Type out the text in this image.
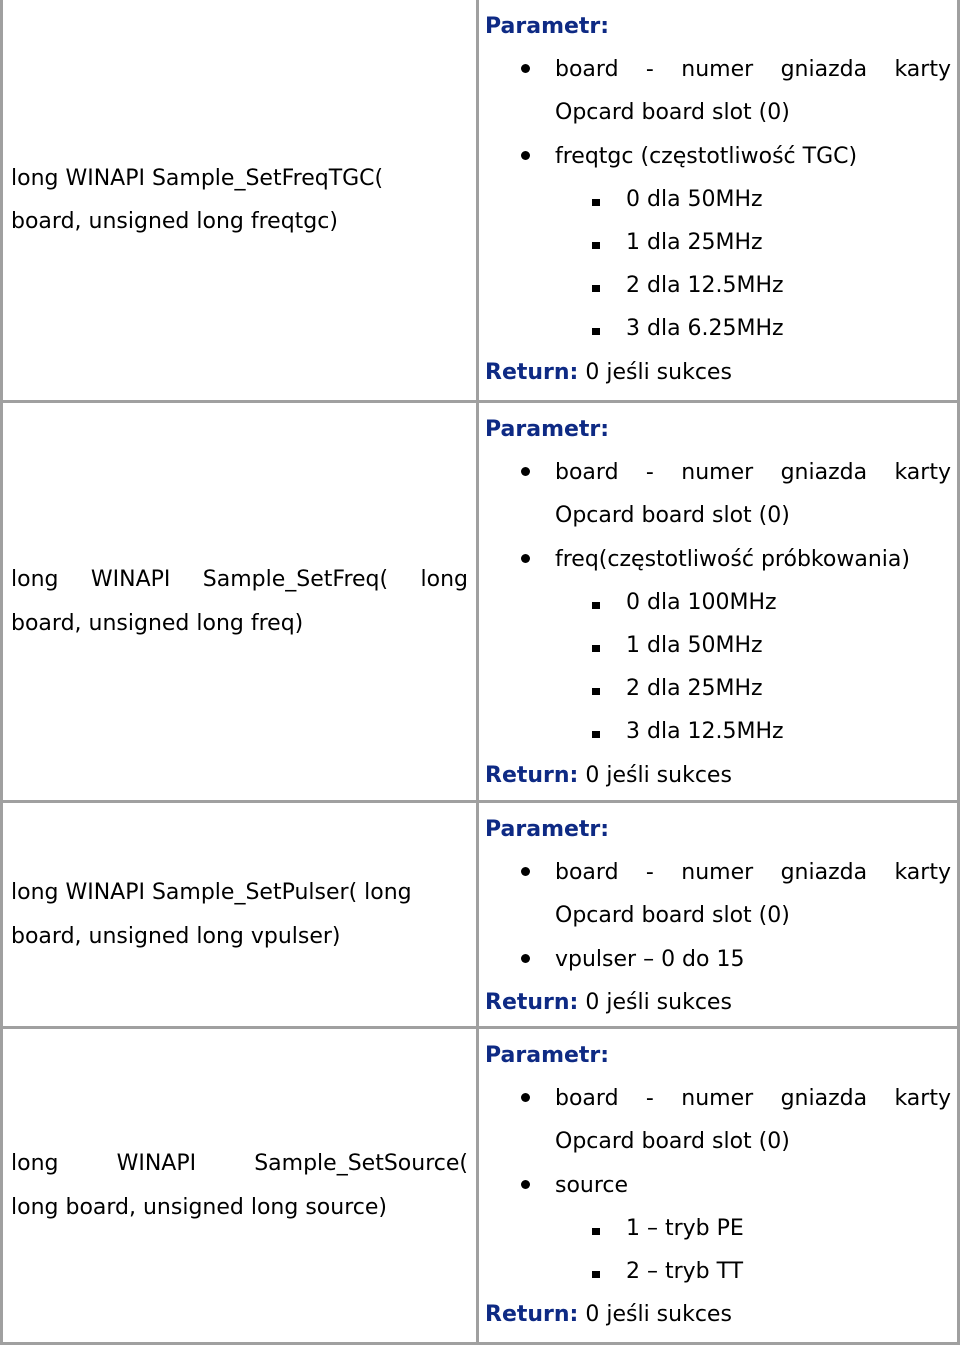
long WINAPI Sample_SetFreqTGC(
board, unsigned long freqtgc)
Parametr:
board - numer gniazda karty
Opcard board slot (0)
freqtgc (częstotliwość TGC)
0 dla 50MHz
1 dla 25MHz
2 dla 12.5MHz
3 dla 6.25MHz
Return: 0 jeśli sukces
long WINAPI Sample_SetFreq( long
board, unsigned long freq)
Parametr:
board - numer gniazda karty
Opcard board slot (0)
freq(częstotliwość próbkowania)
0 dla 100MHz
1 dla 50MHz
2 dla 25MHz
3 dla 12.5MHz
Return: 0 jeśli sukces
long WINAPI Sample_SetPulser( long
board, unsigned long vpulser)
Parametr:
board - numer gniazda karty
Opcard board slot (0)
vpulser – 0 do 15
Return: 0 jeśli sukces
long	WINAPI	Sample_SetSource(
long board, unsigned long source)
Parametr:
board - numer gniazda karty
Opcard board slot (0)
source
1 – tryb PE
2 – tryb TT
Return: 0 jeśli sukces
